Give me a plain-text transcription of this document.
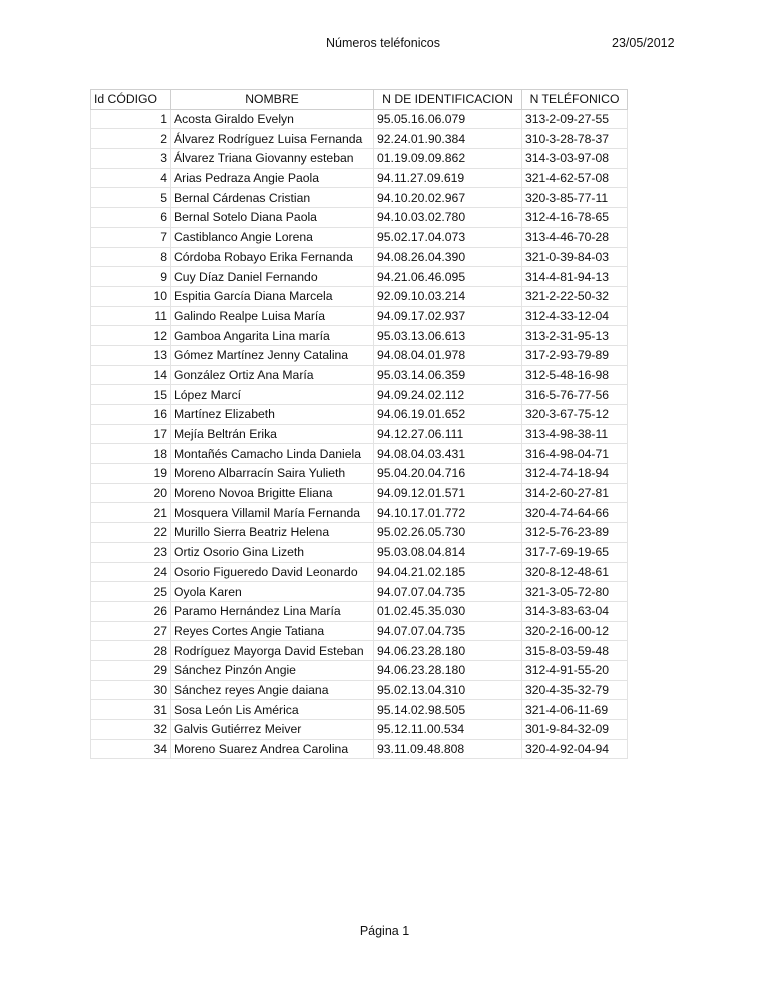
Números teléfonicos	23/05/2012
Id CÓDIGO	NOMBRE	N DE IDENTIFICACION	N TELÉFONICO
1	Acosta Giraldo Evelyn	95.05.16.06.079	313-2-09-27-55
2	Álvarez Rodríguez Luisa Fernanda	92.24.01.90.384	310-3-28-78-37
3	Álvarez Triana Giovanny esteban	01.19.09.09.862	314-3-03-97-08
4	Arias Pedraza Angie Paola	94.11.27.09.619	321-4-62-57-08
5	Bernal Cárdenas Cristian	94.10.20.02.967	320-3-85-77-11
6	Bernal Sotelo Diana Paola	94.10.03.02.780	312-4-16-78-65
7	Castiblanco Angie Lorena	95.02.17.04.073	313-4-46-70-28
8	Córdoba Robayo Erika Fernanda	94.08.26.04.390	321-0-39-84-03
9	Cuy Díaz Daniel Fernando	94.21.06.46.095	314-4-81-94-13
10	Espitia García Diana Marcela	92.09.10.03.214	321-2-22-50-32
11	Galindo Realpe Luisa María	94.09.17.02.937	312-4-33-12-04
12	Gamboa Angarita Lina maría	95.03.13.06.613	313-2-31-95-13
13	Gómez Martínez Jenny Catalina	94.08.04.01.978	317-2-93-79-89
14	González Ortiz Ana María	95.03.14.06.359	312-5-48-16-98
15	López Marcí	94.09.24.02.112	316-5-76-77-56
16	Martínez Elizabeth	94.06.19.01.652	320-3-67-75-12
17	Mejía Beltrán Erika	94.12.27.06.111	313-4-98-38-11
18	Montañés Camacho Linda Daniela	94.08.04.03.431	316-4-98-04-71
19	Moreno Albarracín Saira Yulieth	95.04.20.04.716	312-4-74-18-94
20	Moreno Novoa Brigitte Eliana	94.09.12.01.571	314-2-60-27-81
21	Mosquera Villamil María Fernanda	94.10.17.01.772	320-4-74-64-66
22	Murillo Sierra Beatriz Helena	95.02.26.05.730	312-5-76-23-89
23	Ortiz Osorio Gina Lizeth	95.03.08.04.814	317-7-69-19-65
24	Osorio Figueredo David Leonardo	94.04.21.02.185	320-8-12-48-61
25	Oyola Karen	94.07.07.04.735	321-3-05-72-80
26	Paramo Hernández Lina María	01.02.45.35.030	314-3-83-63-04
27	Reyes Cortes Angie Tatiana	94.07.07.04.735	320-2-16-00-12
28	Rodríguez Mayorga David Esteban	94.06.23.28.180	315-8-03-59-48
29	Sánchez Pinzón Angie	94.06.23.28.180	312-4-91-55-20
30	Sánchez reyes Angie daiana	95.02.13.04.310	320-4-35-32-79
31	Sosa León Lis América	95.14.02.98.505	321-4-06-11-69
32	Galvis Gutiérrez Meiver	95.12.11.00.534	301-9-84-32-09
34	Moreno Suarez Andrea Carolina	93.11.09.48.808	320-4-92-04-94
Página 1
